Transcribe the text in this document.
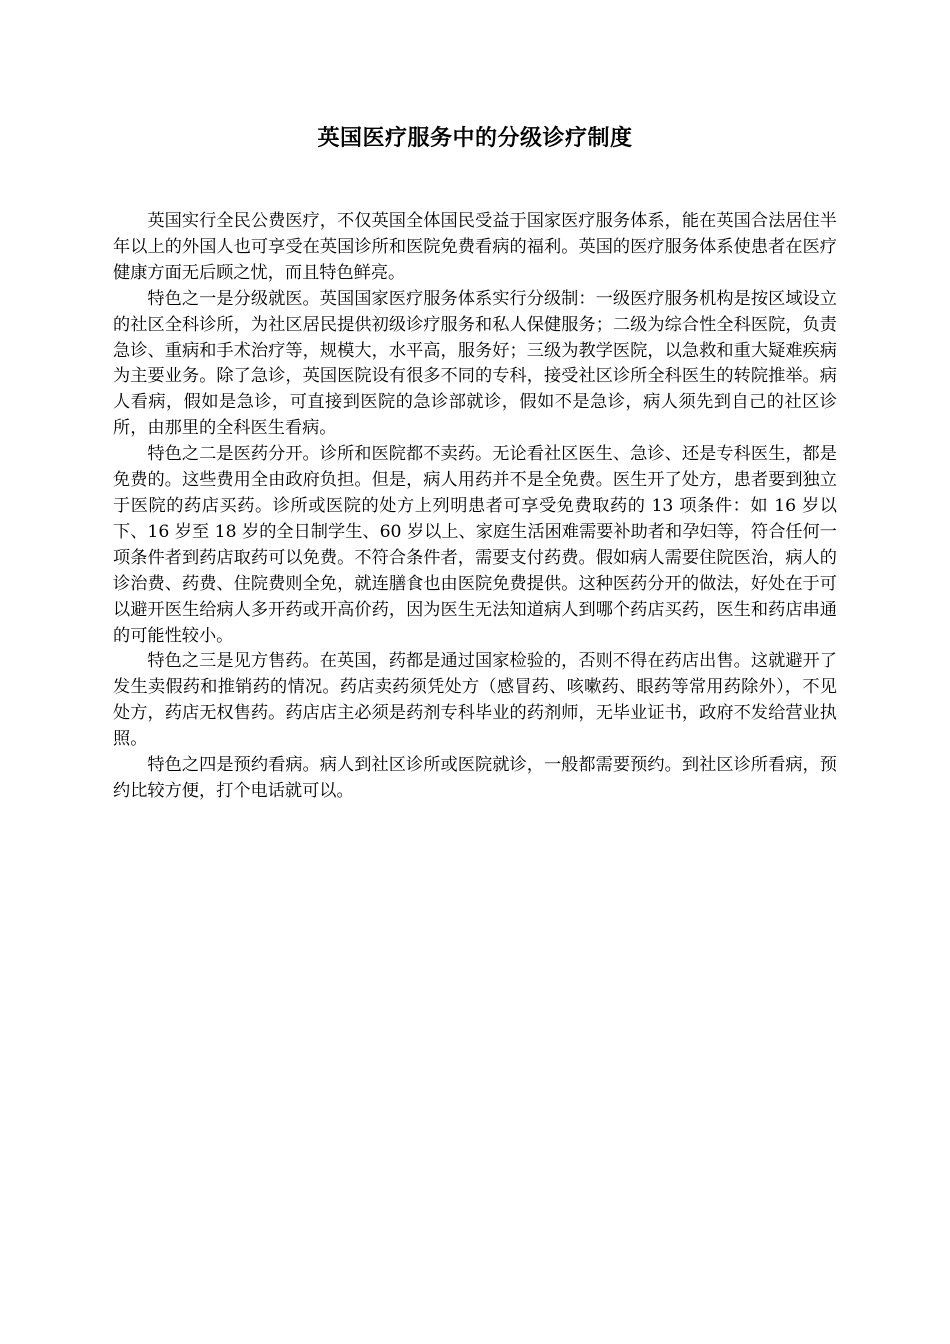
英国医疗服务中的分级诊疗制度

英国实行全民公费医疗，不仅英国全体国民受益于国家医疗服务体系，能在英国合法居住半年以上的外国人也可享受在英国诊所和医院免费看病的福利。英国的医疗服务体系使患者在医疗健康方面无后顾之忧，而且特色鲜亮。

特色之一是分级就医。英国国家医疗服务体系实行分级制：一级医疗服务机构是按区域设立的社区全科诊所，为社区居民提供初级诊疗服务和私人保健服务；二级为综合性全科医院，负责急诊、重病和手术治疗等，规模大，水平高，服务好；三级为教学医院，以急救和重大疑难疾病为主要业务。除了急诊，英国医院设有很多不同的专科，接受社区诊所全科医生的转院推举。病人看病，假如是急诊，可直接到医院的急诊部就诊，假如不是急诊，病人须先到自己的社区诊所，由那里的全科医生看病。

特色之二是医药分开。诊所和医院都不卖药。无论看社区医生、急诊、还是专科医生，都是免费的。这些费用全由政府负担。但是，病人用药并不是全免费。医生开了处方，患者要到独立于医院的药店买药。诊所或医院的处方上列明患者可享受免费取药的 13 项条件：如 16 岁以下、16 岁至 18 岁的全日制学生、60 岁以上、家庭生活困难需要补助者和孕妇等，符合任何一项条件者到药店取药可以免费。不符合条件者，需要支付药费。假如病人需要住院医治，病人的诊治费、药费、住院费则全免，就连膳食也由医院免费提供。这种医药分开的做法，好处在于可以避开医生给病人多开药或开高价药，因为医生无法知道病人到哪个药店买药，医生和药店串通的可能性较小。

特色之三是见方售药。在英国，药都是通过国家检验的，否则不得在药店出售。这就避开了发生卖假药和推销药的情况。药店卖药须凭处方（感冒药、咳嗽药、眼药等常用药除外），不见处方，药店无权售药。药店店主必须是药剂专科毕业的药剂师，无毕业证书，政府不发给营业执照。

特色之四是预约看病。病人到社区诊所或医院就诊，一般都需要预约。到社区诊所看病，预约比较方便，打个电话就可以。
